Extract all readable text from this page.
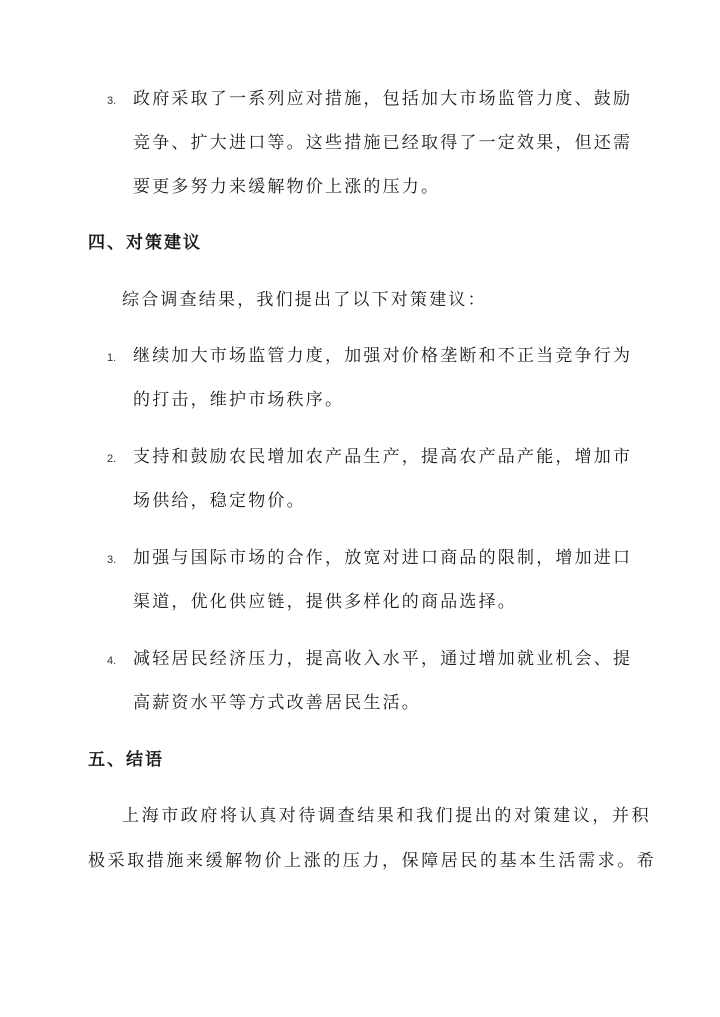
3. 政府采取了一系列应对措施，包括加大市场监管力度、鼓励
竞争、扩大进口等。这些措施已经取得了一定效果，但还需
要更多努力来缓解物价上涨的压力。
四、对策建议
综合调查结果，我们提出了以下对策建议：
1. 继续加大市场监管力度，加强对价格垄断和不正当竞争行为
的打击，维护市场秩序。
2. 支持和鼓励农民增加农产品生产，提高农产品产能，增加市
场供给，稳定物价。
3. 加强与国际市场的合作，放宽对进口商品的限制，增加进口
渠道，优化供应链，提供多样化的商品选择。
4. 减轻居民经济压力，提高收入水平，通过增加就业机会、提
高薪资水平等方式改善居民生活。
五、结语
上海市政府将认真对待调查结果和我们提出的对策建议，并积
极采取措施来缓解物价上涨的压力，保障居民的基本生活需求。希
